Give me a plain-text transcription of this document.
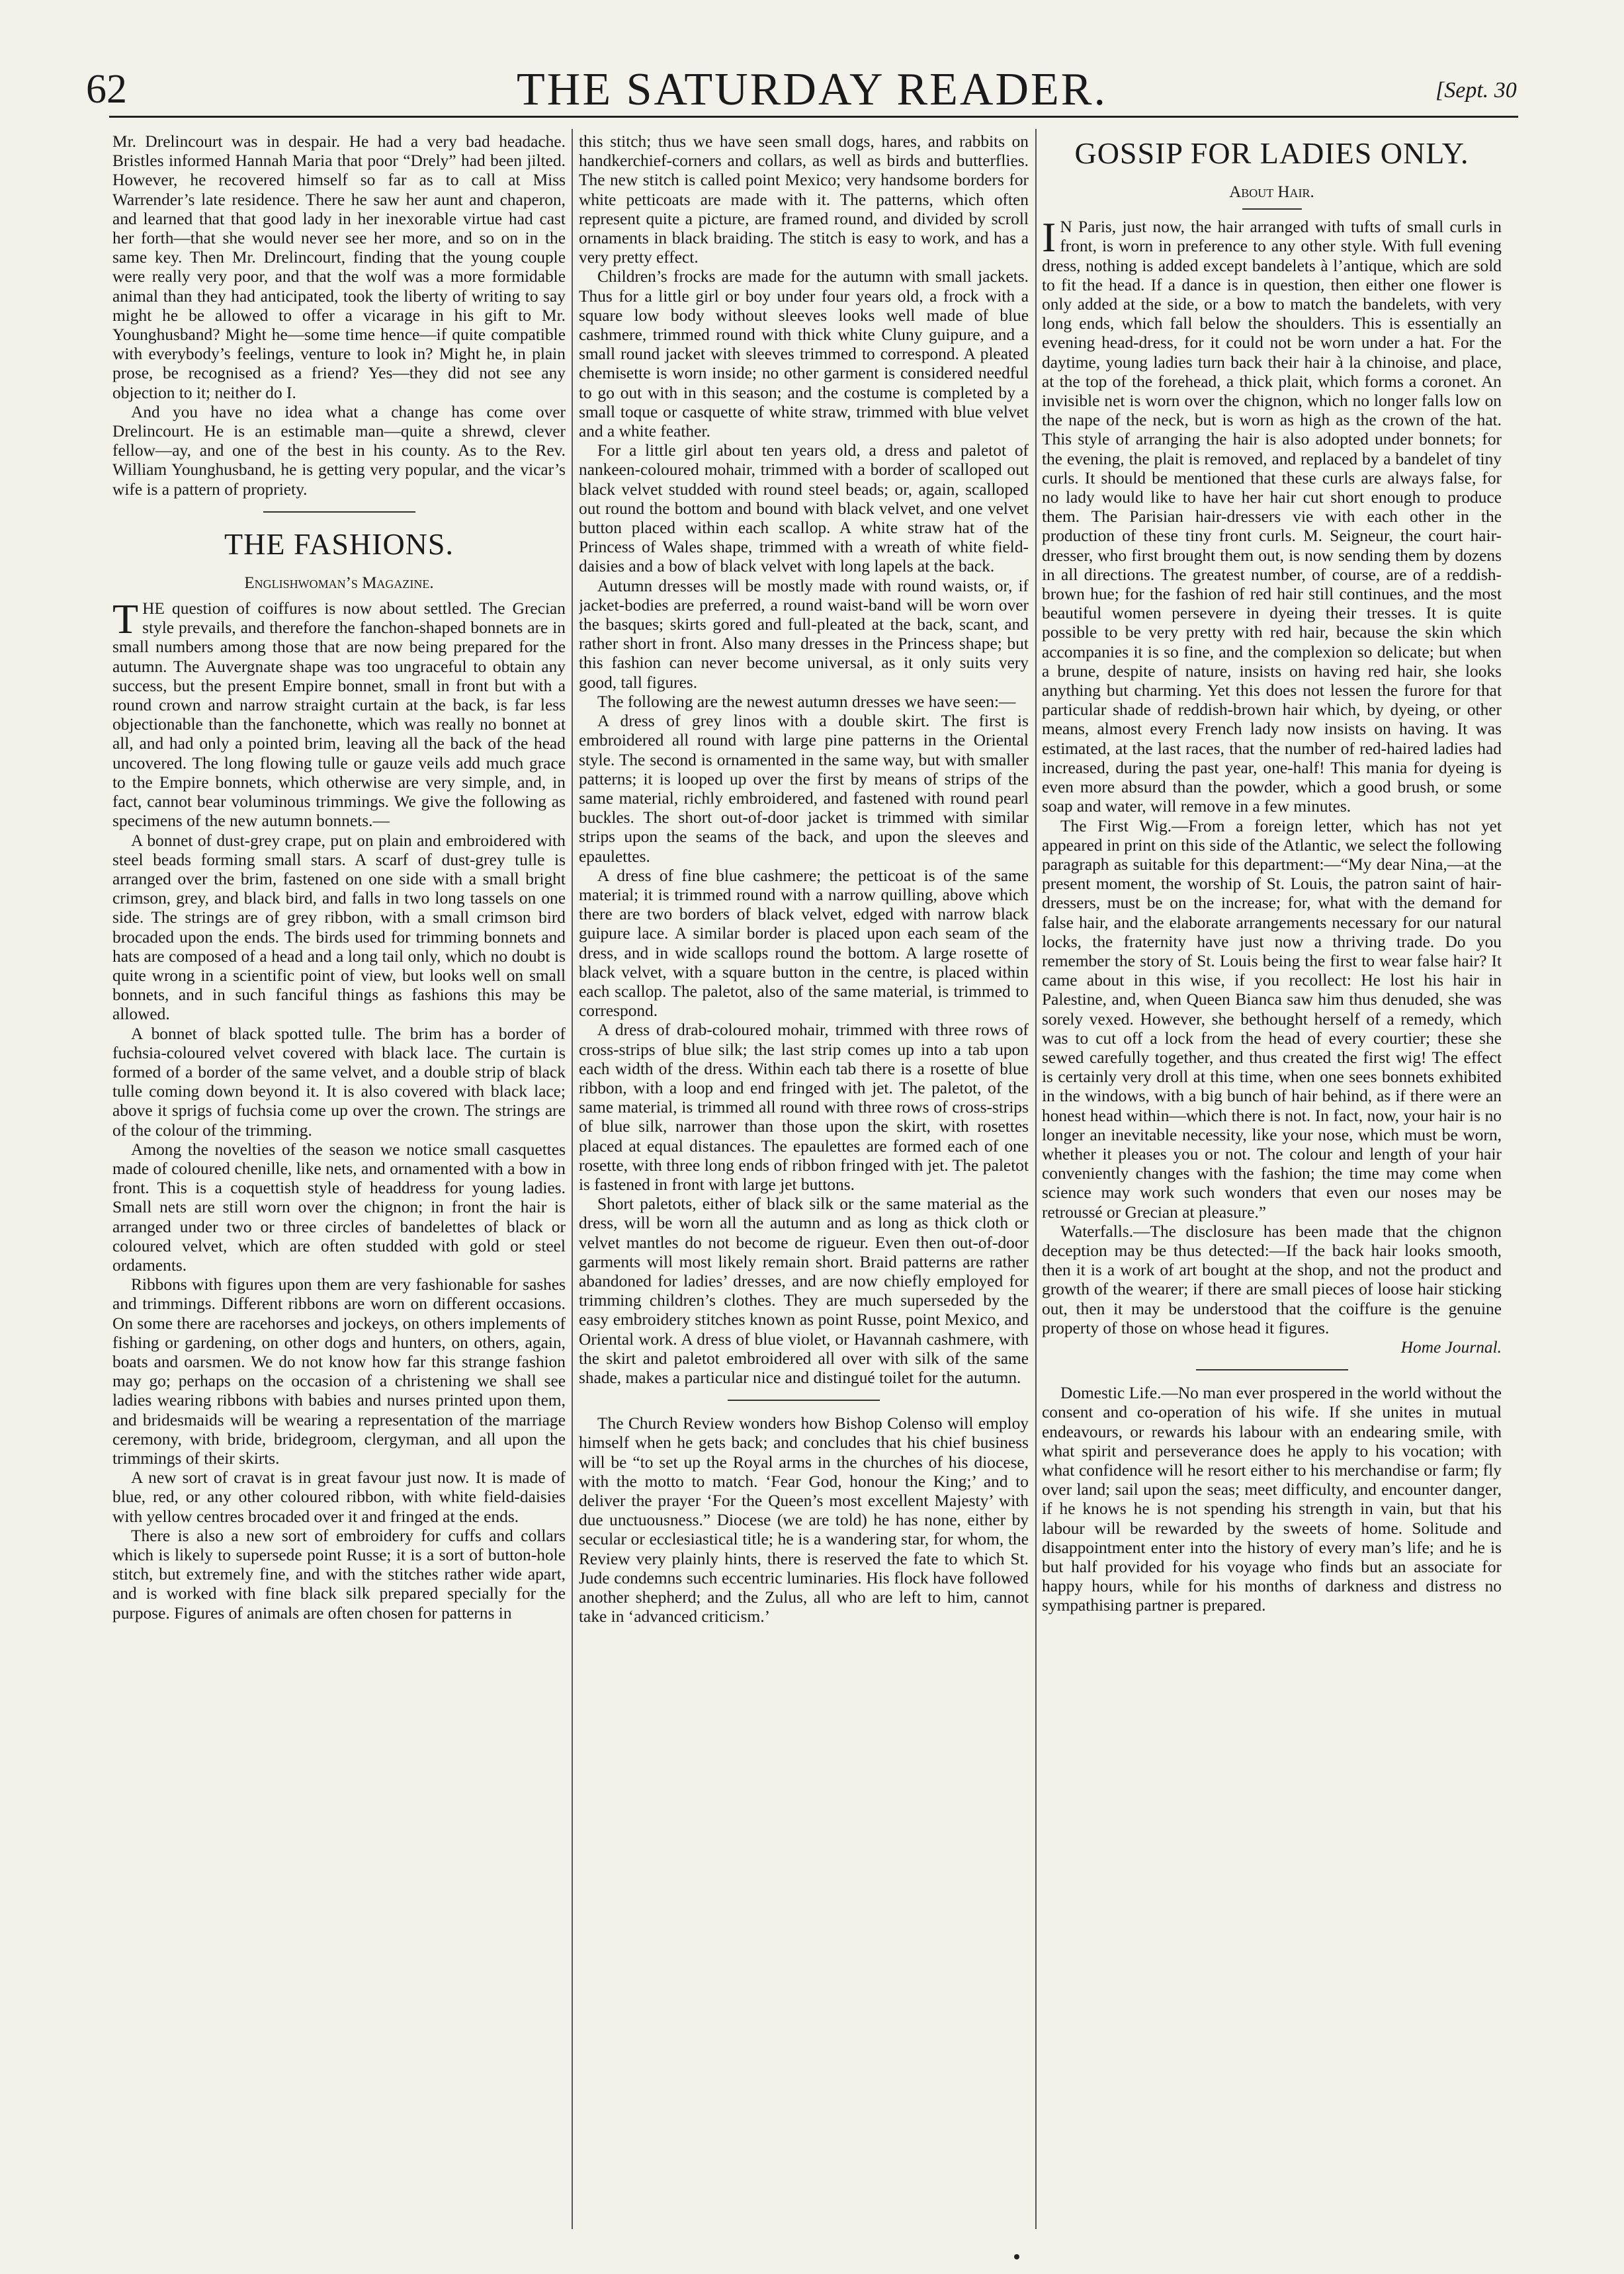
62	THE SATURDAY READER.	[Sept. 30

Mr. Drelincourt was in despair. He had a very bad headache. Bristles informed Hannah Maria that poor “Drely” had been jilted. However, he recovered himself so far as to call at Miss Warrender’s late residence. There he saw her aunt and chaperon, and learned that that good lady in her inexorable virtue had cast her forth—that she would never see her more, and so on in the same key. Then Mr. Drelincourt, finding that the young couple were really very poor, and that the wolf was a more formidable animal than they had anticipated, took the liberty of writing to say might he be allowed to offer a vicarage in his gift to Mr. Younghusband? Might he—some time hence—if quite compatible with everybody’s feelings, venture to look in? Might he, in plain prose, be recognised as a friend? Yes—they did not see any objection to it; neither do I.

And you have no idea what a change has come over Drelincourt. He is an estimable man—quite a shrewd, clever fellow—ay, and one of the best in his county. As to the Rev. William Younghusband, he is getting very popular, and the vicar’s wife is a pattern of propriety.

THE FASHIONS.
Englishwoman’s Magazine.

THE question of coiffures is now about settled. The Grecian style prevails, and therefore the fanchon-shaped bonnets are in small numbers among those that are now being prepared for the autumn. The Auvergnate shape was too ungraceful to obtain any success, but the present Empire bonnet, small in front but with a round crown and narrow straight curtain at the back, is far less objectionable than the fanchonette, which was really no bonnet at all, and had only a pointed brim, leaving all the back of the head uncovered. The long flowing tulle or gauze veils add much grace to the Empire bonnets, which otherwise are very simple, and, in fact, cannot bear voluminous trimmings. We give the following as specimens of the new autumn bonnets.—

A bonnet of dust-grey crape, put on plain and embroidered with steel beads forming small stars. A scarf of dust-grey tulle is arranged over the brim, fastened on one side with a small bright crimson, grey, and black bird, and falls in two long tassels on one side. The strings are of grey ribbon, with a small crimson bird brocaded upon the ends. The birds used for trimming bonnets and hats are composed of a head and a long tail only, which no doubt is quite wrong in a scientific point of view, but looks well on small bonnets, and in such fanciful things as fashions this may be allowed.

A bonnet of black spotted tulle. The brim has a border of fuchsia-coloured velvet covered with black lace. The curtain is formed of a border of the same velvet, and a double strip of black tulle coming down beyond it. It is also covered with black lace; above it sprigs of fuchsia come up over the crown. The strings are of the colour of the trimming.

Among the novelties of the season we notice small casquettes made of coloured chenille, like nets, and ornamented with a bow in front. This is a coquettish style of headdress for young ladies. Small nets are still worn over the chignon; in front the hair is arranged under two or three circles of bandelettes of black or coloured velvet, which are often studded with gold or steel ordaments.

Ribbons with figures upon them are very fashionable for sashes and trimmings. Different ribbons are worn on different occasions. On some there are racehorses and jockeys, on others implements of fishing or gardening, on other dogs and hunters, on others, again, boats and oarsmen. We do not know how far this strange fashion may go; perhaps on the occasion of a christening we shall see ladies wearing ribbons with babies and nurses printed upon them, and bridesmaids will be wearing a representation of the marriage ceremony, with bride, bridegroom, clergyman, and all upon the trimmings of their skirts.

A new sort of cravat is in great favour just now. It is made of blue, red, or any other coloured ribbon, with white field-daisies with yellow centres brocaded over it and fringed at the ends.

There is also a new sort of embroidery for cuffs and collars which is likely to supersede point Russe; it is a sort of button-hole stitch, but extremely fine, and with the stitches rather wide apart, and is worked with fine black silk prepared specially for the purpose. Figures of animals are often chosen for patterns in

this stitch; thus we have seen small dogs, hares, and rabbits on handkerchief-corners and collars, as well as birds and butterflies. The new stitch is called point Mexico; very handsome borders for white petticoats are made with it. The patterns, which often represent quite a picture, are framed round, and divided by scroll ornaments in black braiding. The stitch is easy to work, and has a very pretty effect.

Children’s frocks are made for the autumn with small jackets. Thus for a little girl or boy under four years old, a frock with a square low body without sleeves looks well made of blue cashmere, trimmed round with thick white Cluny guipure, and a small round jacket with sleeves trimmed to correspond. A pleated chemisette is worn inside; no other garment is considered needful to go out with in this season; and the costume is completed by a small toque or casquette of white straw, trimmed with blue velvet and a white feather.

For a little girl about ten years old, a dress and paletot of nankeen-coloured mohair, trimmed with a border of scalloped out black velvet studded with round steel beads; or, again, scalloped out round the bottom and bound with black velvet, and one velvet button placed within each scallop. A white straw hat of the Princess of Wales shape, trimmed with a wreath of white field-daisies and a bow of black velvet with long lapels at the back.

Autumn dresses will be mostly made with round waists, or, if jacket-bodies are preferred, a round waist-band will be worn over the basques; skirts gored and full-pleated at the back, scant, and rather short in front. Also many dresses in the Princess shape; but this fashion can never become universal, as it only suits very good, tall figures.

The following are the newest autumn dresses we have seen:—

A dress of grey linos with a double skirt. The first is embroidered all round with large pine patterns in the Oriental style. The second is ornamented in the same way, but with smaller patterns; it is looped up over the first by means of strips of the same material, richly embroidered, and fastened with round pearl buckles. The short out-of-door jacket is trimmed with similar strips upon the seams of the back, and upon the sleeves and epaulettes.

A dress of fine blue cashmere; the petticoat is of the same material; it is trimmed round with a narrow quilling, above which there are two borders of black velvet, edged with narrow black guipure lace. A similar border is placed upon each seam of the dress, and in wide scallops round the bottom. A large rosette of black velvet, with a square button in the centre, is placed within each scallop. The paletot, also of the same material, is trimmed to correspond.

A dress of drab-coloured mohair, trimmed with three rows of cross-strips of blue silk; the last strip comes up into a tab upon each width of the dress. Within each tab there is a rosette of blue ribbon, with a loop and end fringed with jet. The paletot, of the same material, is trimmed all round with three rows of cross-strips of blue silk, narrower than those upon the skirt, with rosettes placed at equal distances. The epaulettes are formed each of one rosette, with three long ends of ribbon fringed with jet. The paletot is fastened in front with large jet buttons.

Short paletots, either of black silk or the same material as the dress, will be worn all the autumn and as long as thick cloth or velvet mantles do not become de rigueur. Even then out-of-door garments will most likely remain short. Braid patterns are rather abandoned for ladies’ dresses, and are now chiefly employed for trimming children’s clothes. They are much superseded by the easy embroidery stitches known as point Russe, point Mexico, and Oriental work. A dress of blue violet, or Havannah cashmere, with the skirt and paletot embroidered all over with silk of the same shade, makes a particular nice and distingué toilet for the autumn.

The Church Review wonders how Bishop Colenso will employ himself when he gets back; and concludes that his chief business will be “to set up the Royal arms in the churches of his diocese, with the motto to match. ‘Fear God, honour the King;’ and to deliver the prayer ‘For the Queen’s most excellent Majesty’ with due unctuousness.” Diocese (we are told) he has none, either by secular or ecclesiastical title; he is a wandering star, for whom, the Review very plainly hints, there is reserved the fate to which St. Jude condemns such eccentric luminaries. His flock have followed another shepherd; and the Zulus, all who are left to him, cannot take in ‘advanced criticism.’

GOSSIP FOR LADIES ONLY.
About Hair.

I N Paris, just now, the hair arranged with tufts of small curls in front, is worn in preference to any other style. With full evening dress, nothing is added except bandelets à l’antique, which are sold to fit the head. If a dance is in question, then either one flower is only added at the side, or a bow to match the bandelets, with very long ends, which fall below the shoulders. This is essentially an evening head-dress, for it could not be worn under a hat. For the daytime, young ladies turn back their hair à la chinoise, and place, at the top of the forehead, a thick plait, which forms a coronet. An invisible net is worn over the chignon, which no longer falls low on the nape of the neck, but is worn as high as the crown of the hat. This style of arranging the hair is also adopted under bonnets; for the evening, the plait is removed, and replaced by a bandelet of tiny curls. It should be mentioned that these curls are always false, for no lady would like to have her hair cut short enough to produce them. The Parisian hair-dressers vie with each other in the production of these tiny front curls. M. Seigneur, the court hair-dresser, who first brought them out, is now sending them by dozens in all directions. The greatest number, of course, are of a reddish-brown hue; for the fashion of red hair still continues, and the most beautiful women persevere in dyeing their tresses. It is quite possible to be very pretty with red hair, because the skin which accompanies it is so fine, and the complexion so delicate; but when a brune, despite of nature, insists on having red hair, she looks anything but charming. Yet this does not lessen the furore for that particular shade of reddish-brown hair which, by dyeing, or other means, almost every French lady now insists on having. It was estimated, at the last races, that the number of red-haired ladies had increased, during the past year, one-half! This mania for dyeing is even more absurd than the powder, which a good brush, or some soap and water, will remove in a few minutes.

The First Wig.—From a foreign letter, which has not yet appeared in print on this side of the Atlantic, we select the following paragraph as suitable for this department:—“My dear Nina,—at the present moment, the worship of St. Louis, the patron saint of hair-dressers, must be on the increase; for, what with the demand for false hair, and the elaborate arrangements necessary for our natural locks, the fraternity have just now a thriving trade. Do you remember the story of St. Louis being the first to wear false hair? It came about in this wise, if you recollect: He lost his hair in Palestine, and, when Queen Bianca saw him thus denuded, she was sorely vexed. However, she bethought herself of a remedy, which was to cut off a lock from the head of every courtier; these she sewed carefully together, and thus created the first wig! The effect is certainly very droll at this time, when one sees bonnets exhibited in the windows, with a big bunch of hair behind, as if there were an honest head within—which there is not. In fact, now, your hair is no longer an inevitable necessity, like your nose, which must be worn, whether it pleases you or not. The colour and length of your hair conveniently changes with the fashion; the time may come when science may work such wonders that even our noses may be retroussé or Grecian at pleasure.”

Waterfalls.—The disclosure has been made that the chignon deception may be thus detected:—If the back hair looks smooth, then it is a work of art bought at the shop, and not the product and growth of the wearer; if there are small pieces of loose hair sticking out, then it may be understood that the coiffure is the genuine property of those on whose head it figures.

Home Journal.

Domestic Life.—No man ever prospered in the world without the consent and co-operation of his wife. If she unites in mutual endeavours, or rewards his labour with an endearing smile, with what spirit and perseverance does he apply to his vocation; with what confidence will he resort either to his merchandise or farm; fly over land; sail upon the seas; meet difficulty, and encounter danger, if he knows he is not spending his strength in vain, but that his labour will be rewarded by the sweets of home. Solitude and disappointment enter into the history of every man’s life; and he is but half provided for his voyage who finds but an associate for happy hours, while for his months of darkness and distress no sympathising partner is prepared.
